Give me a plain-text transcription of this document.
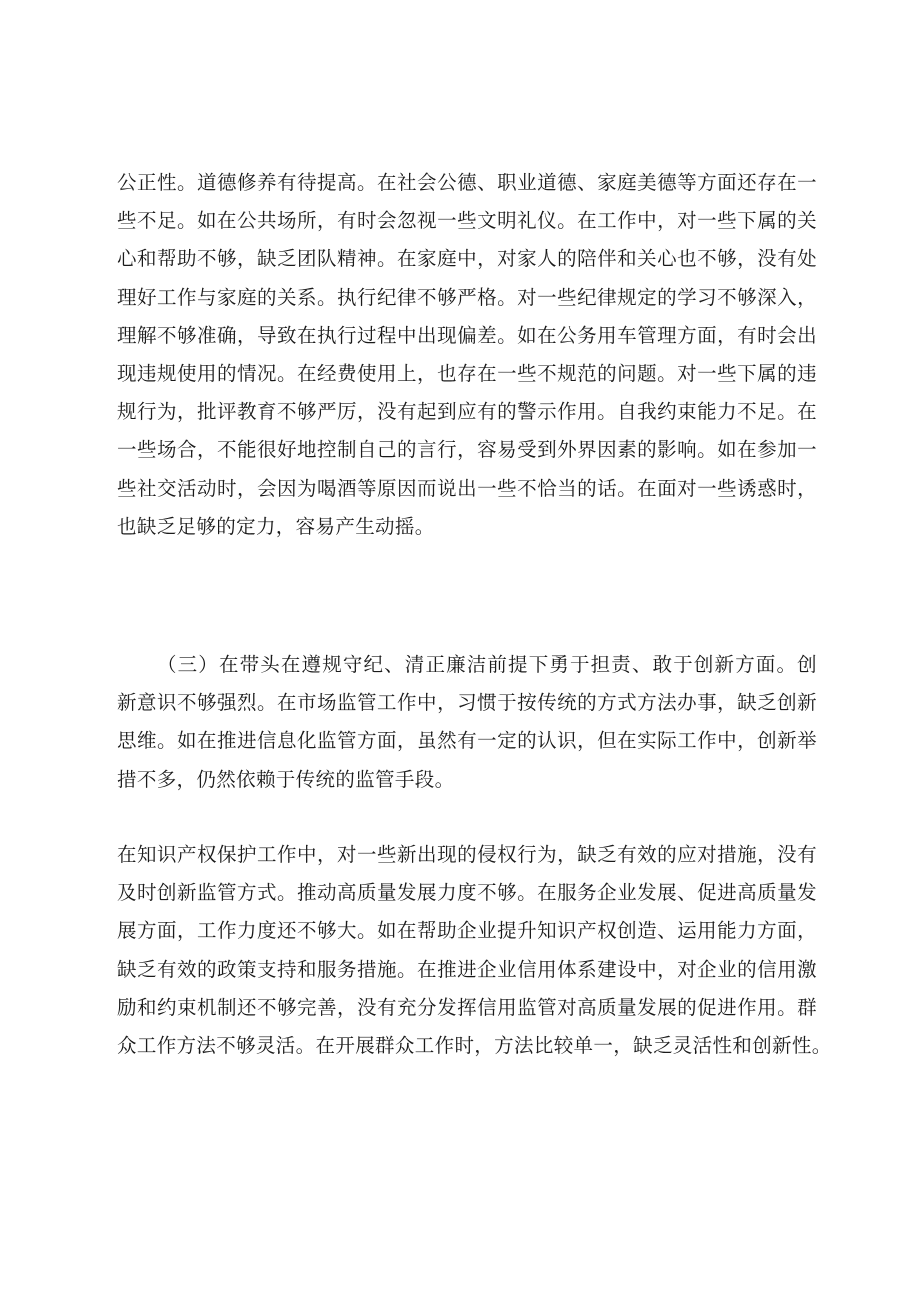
公正性。道德修养有待提高。在社会公德、职业道德、家庭美德等方面还存在一
些不足。如在公共场所，有时会忽视一些文明礼仪。在工作中，对一些下属的关
心和帮助不够，缺乏团队精神。在家庭中，对家人的陪伴和关心也不够，没有处
理好工作与家庭的关系。执行纪律不够严格。对一些纪律规定的学习不够深入，
理解不够准确，导致在执行过程中出现偏差。如在公务用车管理方面，有时会出
现违规使用的情况。在经费使用上，也存在一些不规范的问题。对一些下属的违
规行为，批评教育不够严厉，没有起到应有的警示作用。自我约束能力不足。在
一些场合，不能很好地控制自己的言行，容易受到外界因素的影响。如在参加一
些社交活动时，会因为喝酒等原因而说出一些不恰当的话。在面对一些诱惑时，
也缺乏足够的定力，容易产生动摇。
（三）在带头在遵规守纪、清正廉洁前提下勇于担责、敢于创新方面。创
新意识不够强烈。在市场监管工作中，习惯于按传统的方式方法办事，缺乏创新
思维。如在推进信息化监管方面，虽然有一定的认识，但在实际工作中，创新举
措不多，仍然依赖于传统的监管手段。
在知识产权保护工作中，对一些新出现的侵权行为，缺乏有效的应对措施，没有
及时创新监管方式。推动高质量发展力度不够。在服务企业发展、促进高质量发
展方面，工作力度还不够大。如在帮助企业提升知识产权创造、运用能力方面，
缺乏有效的政策支持和服务措施。在推进企业信用体系建设中，对企业的信用激
励和约束机制还不够完善，没有充分发挥信用监管对高质量发展的促进作用。群
众工作方法不够灵活。在开展群众工作时，方法比较单一，缺乏灵活性和创新性。
